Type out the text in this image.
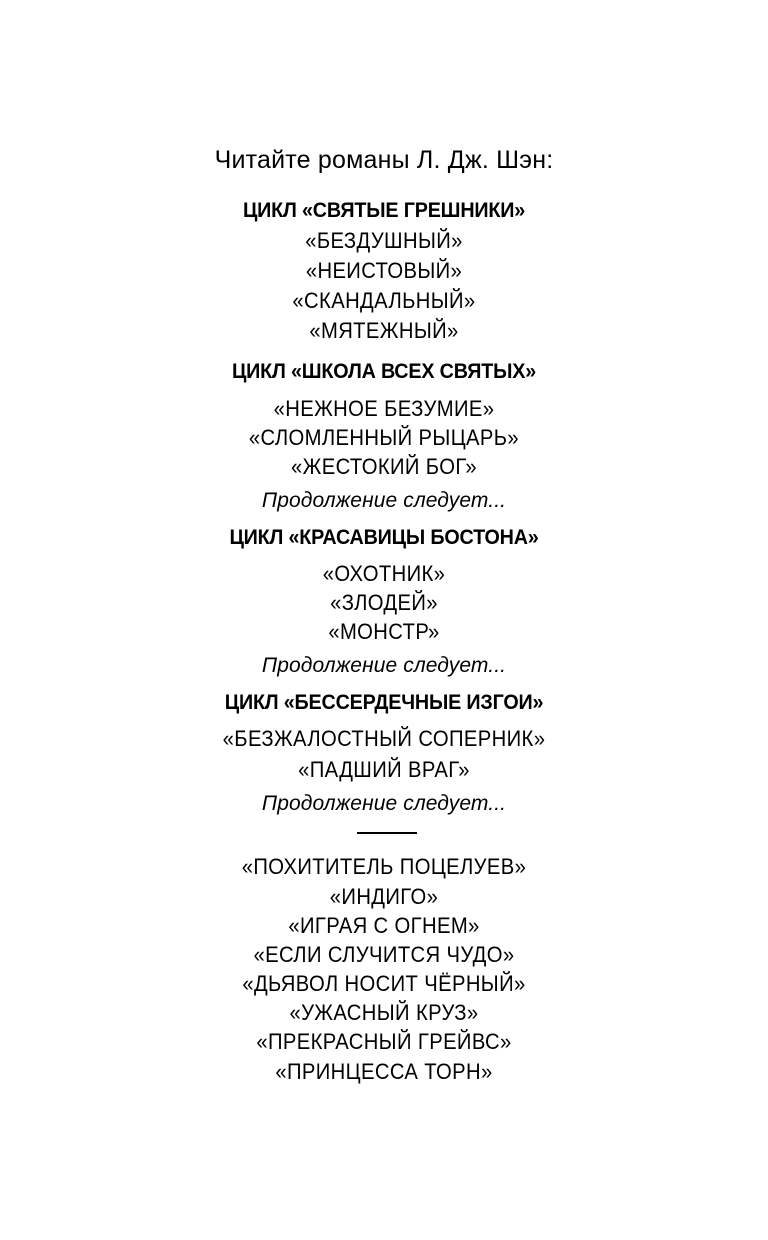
Читайте романы Л. Дж. Шэн:
ЦИКЛ «СВЯТЫЕ ГРЕШНИКИ»
«БЕЗДУШНЫЙ»
«НЕИСТОВЫЙ»
«СКАНДАЛЬНЫЙ»
«МЯТЕЖНЫЙ»
ЦИКЛ «ШКОЛА ВСЕХ СВЯТЫХ»
«НЕЖНОЕ БЕЗУМИЕ»
«СЛОМЛЕННЫЙ РЫЦАРЬ»
«ЖЕСТОКИЙ БОГ»
Продолжение следует...
ЦИКЛ «КРАСАВИЦЫ БОСТОНА»
«ОХОТНИК»
«ЗЛОДЕЙ»
«МОНСТР»
Продолжение следует...
ЦИКЛ «БЕССЕРДЕЧНЫЕ ИЗГОИ»
«БЕЗЖАЛОСТНЫЙ СОПЕРНИК»
«ПАДШИЙ ВРАГ»
Продолжение следует...
«ПОХИТИТЕЛЬ ПОЦЕЛУЕВ»
«ИНДИГО»
«ИГРАЯ С ОГНЕМ»
«ЕСЛИ СЛУЧИТСЯ ЧУДО»
«ДЬЯВОЛ НОСИТ ЧЁРНЫЙ»
«УЖАСНЫЙ КРУЗ»
«ПРЕКРАСНЫЙ ГРЕЙВС»
«ПРИНЦЕССА ТОРН»
